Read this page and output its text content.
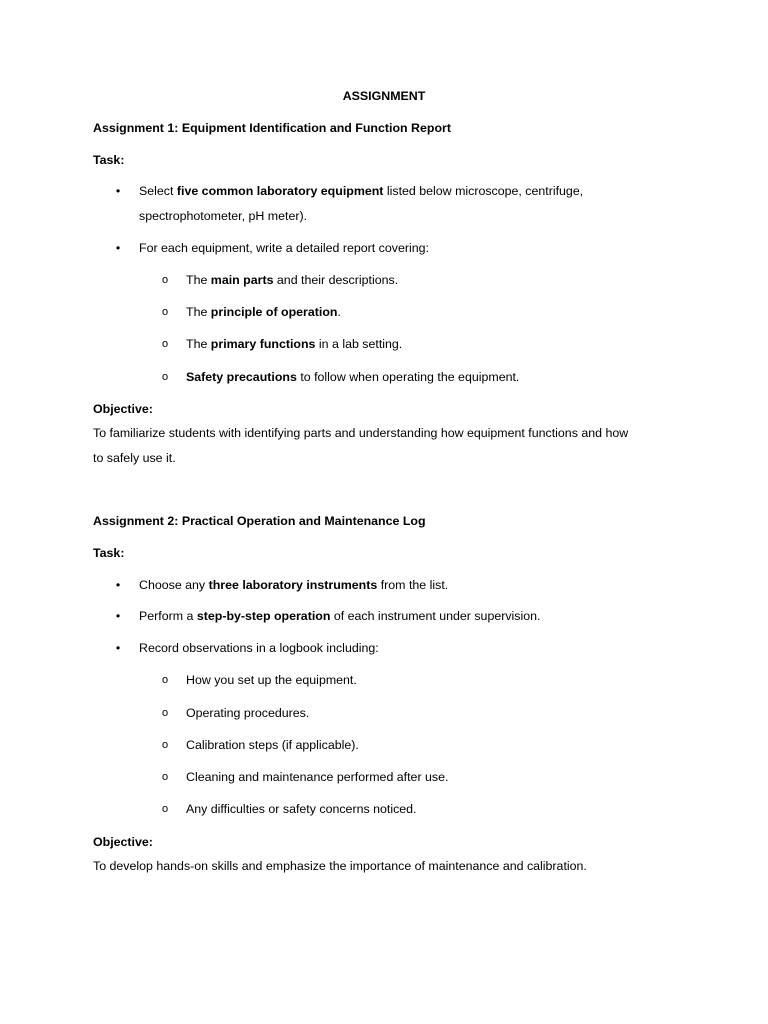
ASSIGNMENT
Assignment 1: Equipment Identification and Function Report
Task:
• Select five common laboratory equipment listed below microscope, centrifuge,
spectrophotometer, pH meter).
• For each equipment, write a detailed report covering:
o The main parts and their descriptions.
o The principle of operation.
o The primary functions in a lab setting.
o Safety precautions to follow when operating the equipment.
Objective:
To familiarize students with identifying parts and understanding how equipment functions and how
to safely use it.
Assignment 2: Practical Operation and Maintenance Log
Task:
• Choose any three laboratory instruments from the list.
• Perform a step-by-step operation of each instrument under supervision.
• Record observations in a logbook including:
o How you set up the equipment.
o Operating procedures.
o Calibration steps (if applicable).
o Cleaning and maintenance performed after use.
o Any difficulties or safety concerns noticed.
Objective:
To develop hands-on skills and emphasize the importance of maintenance and calibration.
